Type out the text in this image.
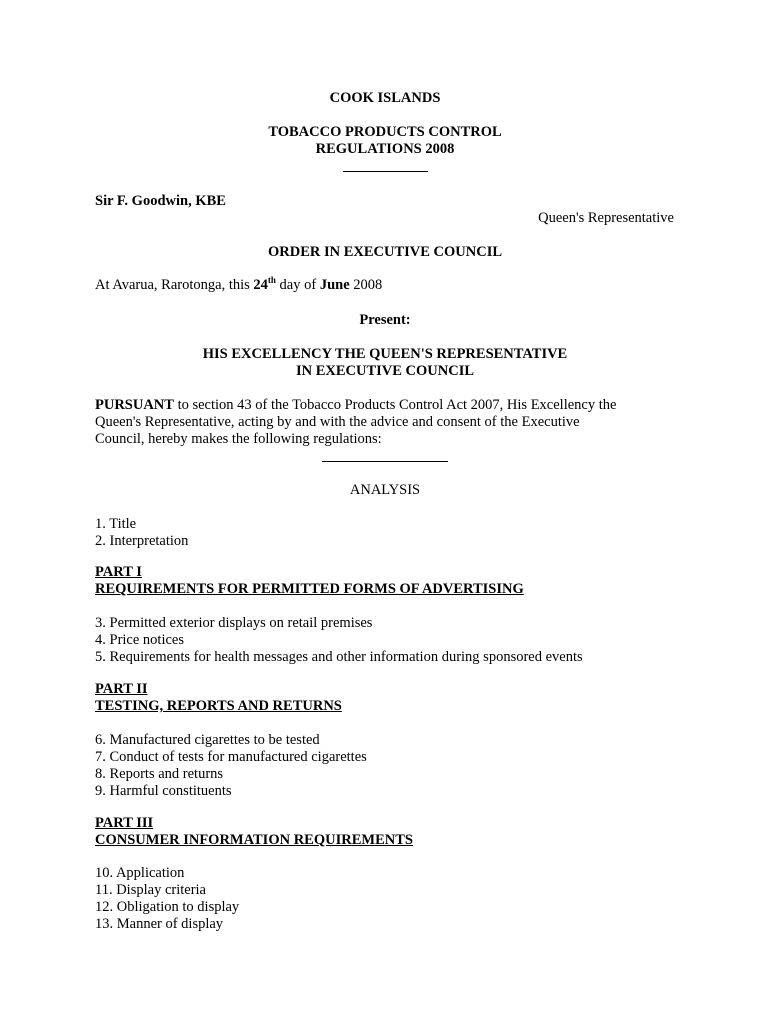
COOK ISLANDS
TOBACCO PRODUCTS CONTROL
REGULATIONS 2008
Sir F. Goodwin, KBE
Queen's Representative
ORDER IN EXECUTIVE COUNCIL
At Avarua, Rarotonga, this 24th day of June 2008
Present:
HIS EXCELLENCY THE QUEEN'S REPRESENTATIVE
IN EXECUTIVE COUNCIL
PURSUANT to section 43 of the Tobacco Products Control Act 2007, His Excellency the
Queen's Representative, acting by and with the advice and consent of the Executive
Council, hereby makes the following regulations:
ANALYSIS
1. Title
2. Interpretation
PART I
REQUIREMENTS FOR PERMITTED FORMS OF ADVERTISING
3. Permitted exterior displays on retail premises
4. Price notices
5. Requirements for health messages and other information during sponsored events
PART II
TESTING, REPORTS AND RETURNS
6. Manufactured cigarettes to be tested
7. Conduct of tests for manufactured cigarettes
8. Reports and returns
9. Harmful constituents
PART III
CONSUMER INFORMATION REQUIREMENTS
10. Application
11. Display criteria
12. Obligation to display
13. Manner of display
